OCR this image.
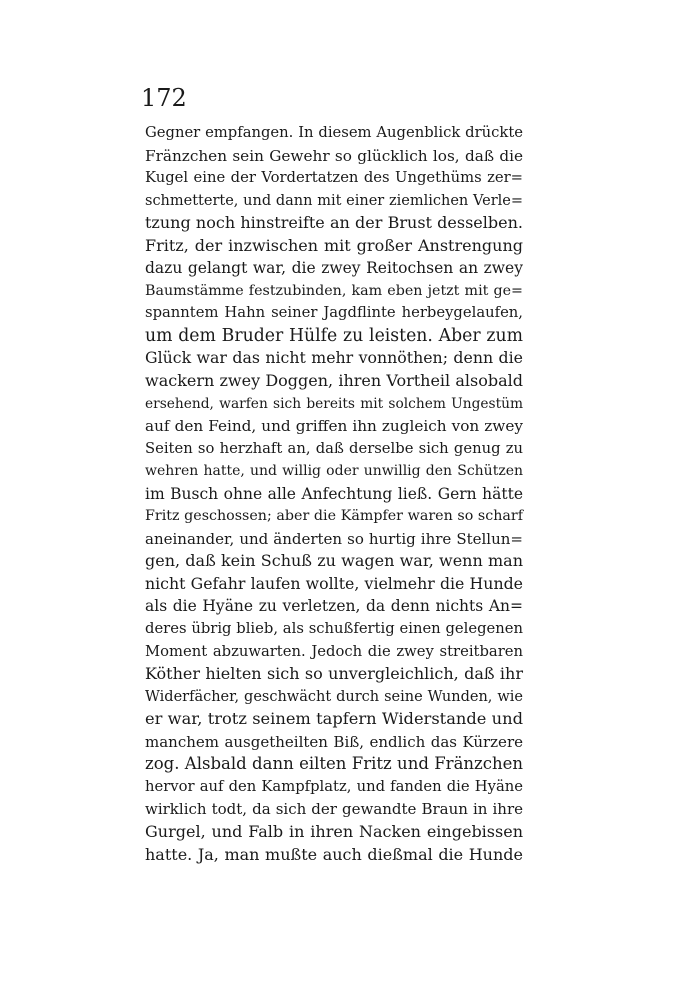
172
Gegner empfangen. In diesem Augenblick drückte
Fränzchen sein Gewehr so glücklich los, daß die
Kugel eine der Vordertatzen des Ungethüms zer=
schmetterte, und dann mit einer ziemlichen Verle=
tzung noch hinstreifte an der Brust desselben.
Fritz, der inzwischen mit großer Anstrengung
dazu gelangt war, die zwey Reitochsen an zwey
Baumstämme festzubinden, kam eben jetzt mit ge=
spanntem Hahn seiner Jagdflinte herbeygelaufen,
um dem Bruder Hülfe zu leisten. Aber zum
Glück war das nicht mehr vonnöthen; denn die
wackern zwey Doggen, ihren Vortheil alsobald
ersehend, warfen sich bereits mit solchem Ungestüm
auf den Feind, und griffen ihn zugleich von zwey
Seiten so herzhaft an, daß derselbe sich genug zu
wehren hatte, und willig oder unwillig den Schützen
im Busch ohne alle Anfechtung ließ. Gern hätte
Fritz geschossen; aber die Kämpfer waren so scharf
aneinander, und änderten so hurtig ihre Stellun=
gen, daß kein Schuß zu wagen war, wenn man
nicht Gefahr laufen wollte, vielmehr die Hunde
als die Hyäne zu verletzen, da denn nichts An=
deres übrig blieb, als schußfertig einen gelegenen
Moment abzuwarten. Jedoch die zwey streitbaren
Köther hielten sich so unvergleichlich, daß ihr
Widerfächer, geschwächt durch seine Wunden, wie
er war, trotz seinem tapfern Widerstande und
manchem ausgetheilten Biß, endlich das Kürzere
zog. Alsbald dann eilten Fritz und Fränzchen
hervor auf den Kampfplatz, und fanden die Hyäne
wirklich todt, da sich der gewandte Braun in ihre
Gurgel, und Falb in ihren Nacken eingebissen
hatte. Ja, man mußte auch dießmal die Hunde
